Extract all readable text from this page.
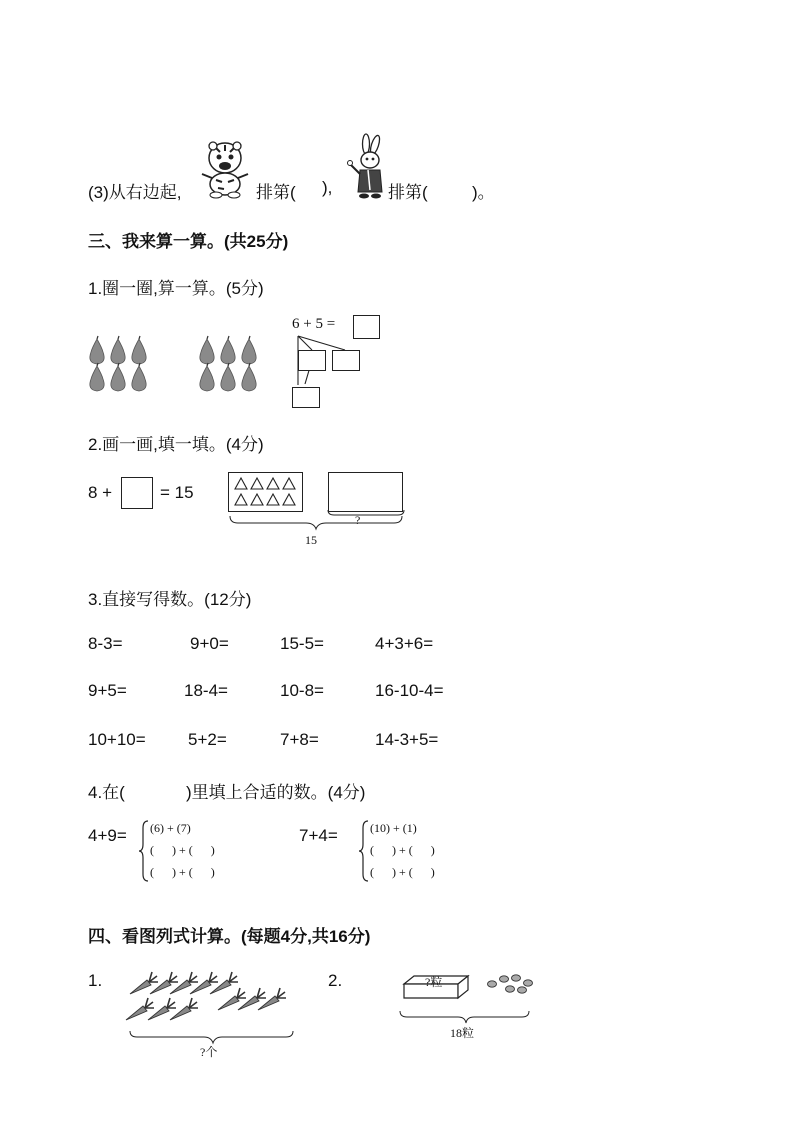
(3)从右边起,	排第( ),	排第(	)。
三、我来算一算。(共25分)
1.圈一圈,算一算。(5分)
6 + 5 =
2.画一画,填一填。(4分)
8 +	= 15
?
15
3.直接写得数。(12分)
8-3=	9+0=	15-5=	4+3+6=
9+5=	18-4=	10-8=	16-10-4=
10+10= 5+2=	7+8=	14-3+5=
4.在(	)里填上合适的数。(4分)
4+9= (6) + (7)
(      ) + (      )
(      ) + (      )
7+4=	(10) + (1)
(      ) + (      )
(      ) + (      )
四、看图列式计算。(每题4分,共16分)
1.
?个
2.	?粒
18粒
